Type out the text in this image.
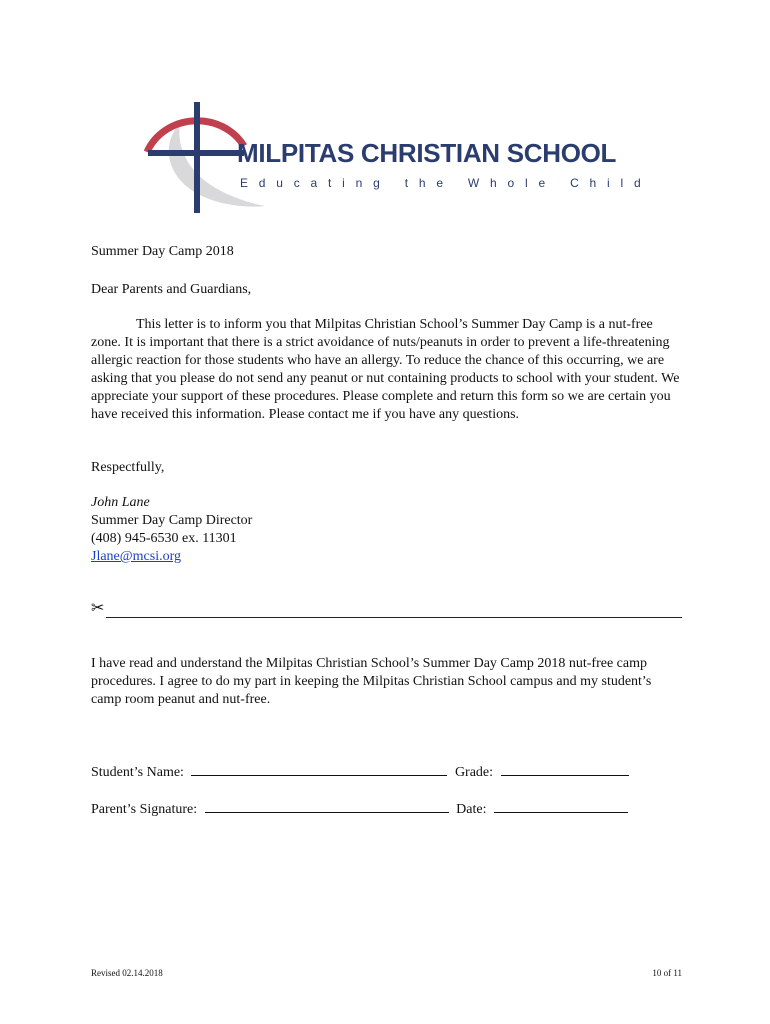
MILPITAS CHRISTIAN SCHOOL
Educating the Whole Child

Summer Day Camp 2018

Dear Parents and Guardians,

This letter is to inform you that Milpitas Christian School’s Summer Day Camp is a nut-free zone. It is important that there is a strict avoidance of nuts/peanuts in order to prevent a life-threatening allergic reaction for those students who have an allergy. To reduce the chance of this occurring, we are asking that you please do not send any peanut or nut containing products to school with your student. We appreciate your support of these procedures. Please complete and return this form so we are certain you have received this information. Please contact me if you have any questions.

Respectfully,

John Lane

Summer Day Camp Director

(408) 945-6530 ex. 11301

Jlane@mcsi.org

✂

I have read and understand the Milpitas Christian School’s Summer Day Camp 2018 nut-free camp procedures. I agree to do my part in keeping the Milpitas Christian School campus and my student’s camp room peanut and nut-free.

Student’s Name:	Grade:
Parent’s Signature:	Date:
Revised 02.14.2018	10 of 11
